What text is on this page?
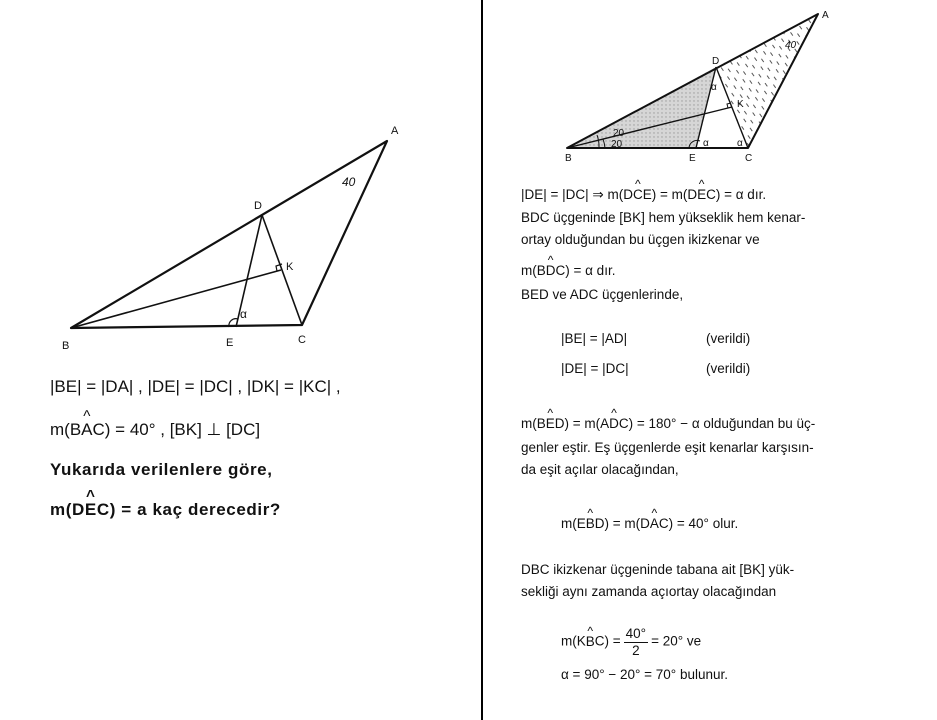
A
40
D
K
α
B	E	C
|BE| = |DA| , |DE| = |DC| , |DK| = |KC| ,
m(B^ AC) = 40° , [BK] ⊥ [DC]
Yukarıda verilenlere göre,
m(D^ EC) = a kaç derecedir?
A
40
D
α
K
20
20	α	α
B	E	C
|DE| = |DC| ⇒ m(D^ CE) = m(D^ EC) = α dır.
BDC üçgeninde [BK] hem yükseklik hem kenar-
ortay olduğundan bu üçgen ikizkenar ve
m(B^ DC) = α dır.
BED ve ADC üçgenlerinde,
|BE| = |AD|	(verildi)
|DE| = |DC|	(verildi)
m(B^ ED) = m(A^ DC) = 180° − α olduğundan bu üç-
genler eştir. Eş üçgenlerde eşit kenarlar karşısın-
da eşit açılar olacağından,
m(E^ BD) = m(D^ AC) = 40° olur.
DBC ikizkenar üçgeninde tabana ait [BK] yük-
sekliği aynı zamanda açıortay olacağından
m(K^ $BC) = \frac{40^\circ}{2} = 20^\circ$ ve
α = 90° − 20° = 70° bulunur.
